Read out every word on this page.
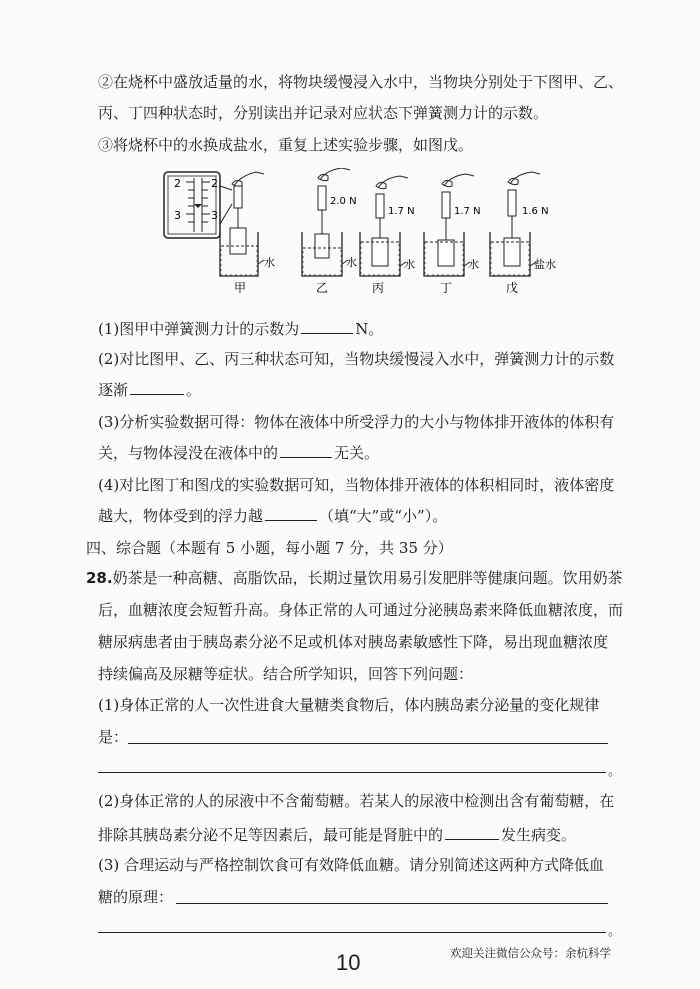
②在烧杯中盛放适量的水，将物块缓慢浸入水中，当物块分别处于下图甲、乙、
丙、丁四种状态时，分别读出并记录对应状态下弹簧测力计的示数。
③将烧杯中的水换成盐水，重复上述实验步骤，如图戊。
2
3
2
3
水
甲
水
2.0 N
乙
水
1.7 N
丙
水
1.7 N
丁
盐水
1.6 N
戊
(1)图甲中弹簧测力计的示数为	N。
(2)对比图甲、乙、丙三种状态可知，当物块缓慢浸入水中，弹簧测力计的示数
逐渐	。
(3)分析实验数据可得：物体在液体中所受浮力的大小与物体排开液体的体积有
关，与物体浸没在液体中的	无关。
(4)对比图丁和图戊的实验数据可知，当物体排开液体的体积相同时，液体密度
越大，物体受到的浮力越	（填“大”或“小”）。
四、综合题（本题有 5 小题，每小题 7 分，共 35 分）
28.奶茶是一种高糖、高脂饮品，长期过量饮用易引发肥胖等健康问题。饮用奶茶
后，血糖浓度会短暂升高。身体正常的人可通过分泌胰岛素来降低血糖浓度，而
糖尿病患者由于胰岛素分泌不足或机体对胰岛素敏感性下降，易出现血糖浓度
持续偏高及尿糖等症状。结合所学知识，回答下列问题：
(1)身体正常的人一次性进食大量糖类食物后，体内胰岛素分泌量的变化规律
是：
。
(2)身体正常的人的尿液中不含葡萄糖。若某人的尿液中检测出含有葡萄糖，在
排除其胰岛素分泌不足等因素后，最可能是肾脏中的	发生病变。
(3) 合理运动与严格控制饮食可有效降低血糖。请分别简述这两种方式降低血
糖的原理：
。
10	欢迎关注微信公众号：余杭科学
